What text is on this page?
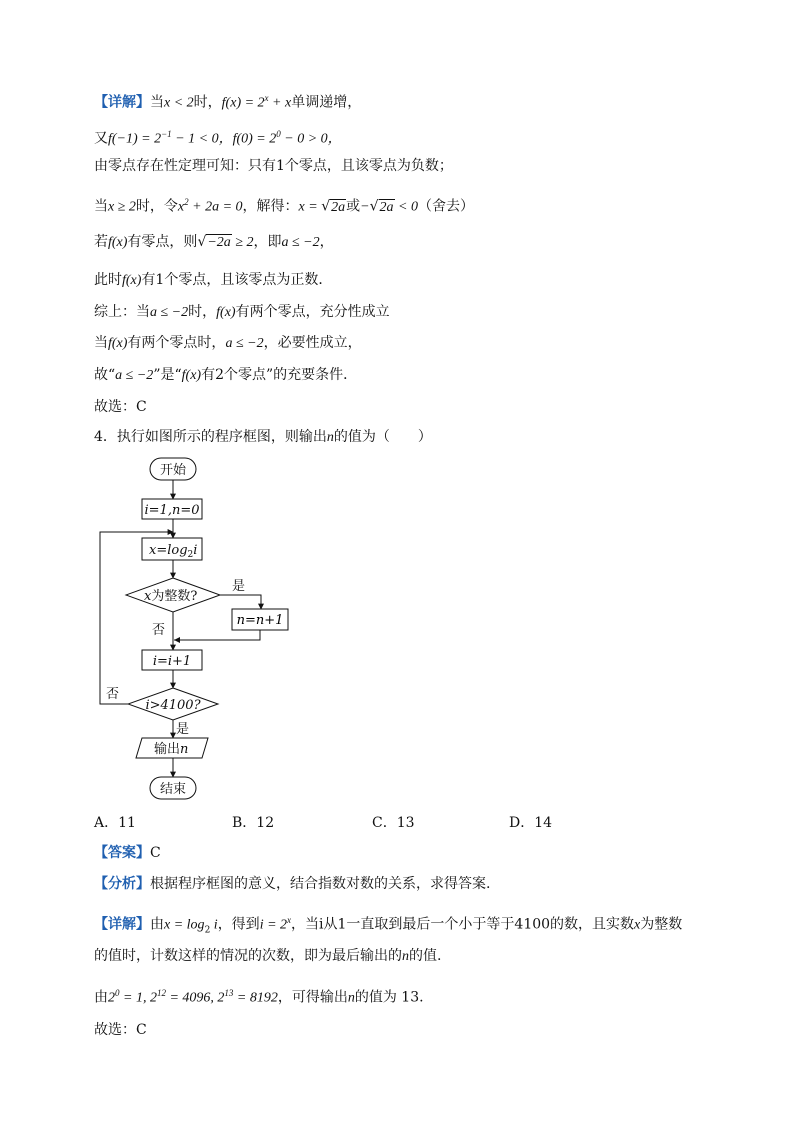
【详解】当x < 2时，$f(x) = 2^x + x$单调递增，
又$f(-1) = 2^{-1} - 1 < 0$，$f(0) = 2^0 - 0 > 0$，
由零点存在性定理可知：只有1个零点，且该零点为负数；
当x ≥ 2时，令$x^2 + 2a = 0$，解得：x = √2a或−√2a < 0（舍去）
若f(x)有零点，则√−2a ≥ 2，即a ≤ −2，
此时f(x)有1个零点，且该零点为正数．
综上：当a ≤ −2时，f(x)有两个零点，充分性成立
当f(x)有两个零点时，a ≤ −2，必要性成立，
故“a ≤ −2”是“f(x)有2个零点”的充要条件．
故选：C
4．执行如图所示的程序框图，则输出n的值为（　　）
开始
i=1,n=0
$x=\log_2i$
x为整数?
是
否
i=i+1
否
i>4100?
是
输出n
结束
n=n+1
A．11	B．12	C．13	D．14
【答案】C
【分析】根据程序框图的意义，结合指数对数的关系，求得答案.
【详解】由$x = \log_2 i$，得到$i = 2^x$，当i从1一直取到最后一个小于等于4100的数，且实数x为整数
的值时，计数这样的情况的次数，即为最后输出的n的值.
由$2^0 = 1$, $2^{12} = 4096$, $2^{13} = 8192$，可得输出n的值为 13.
故选：C
